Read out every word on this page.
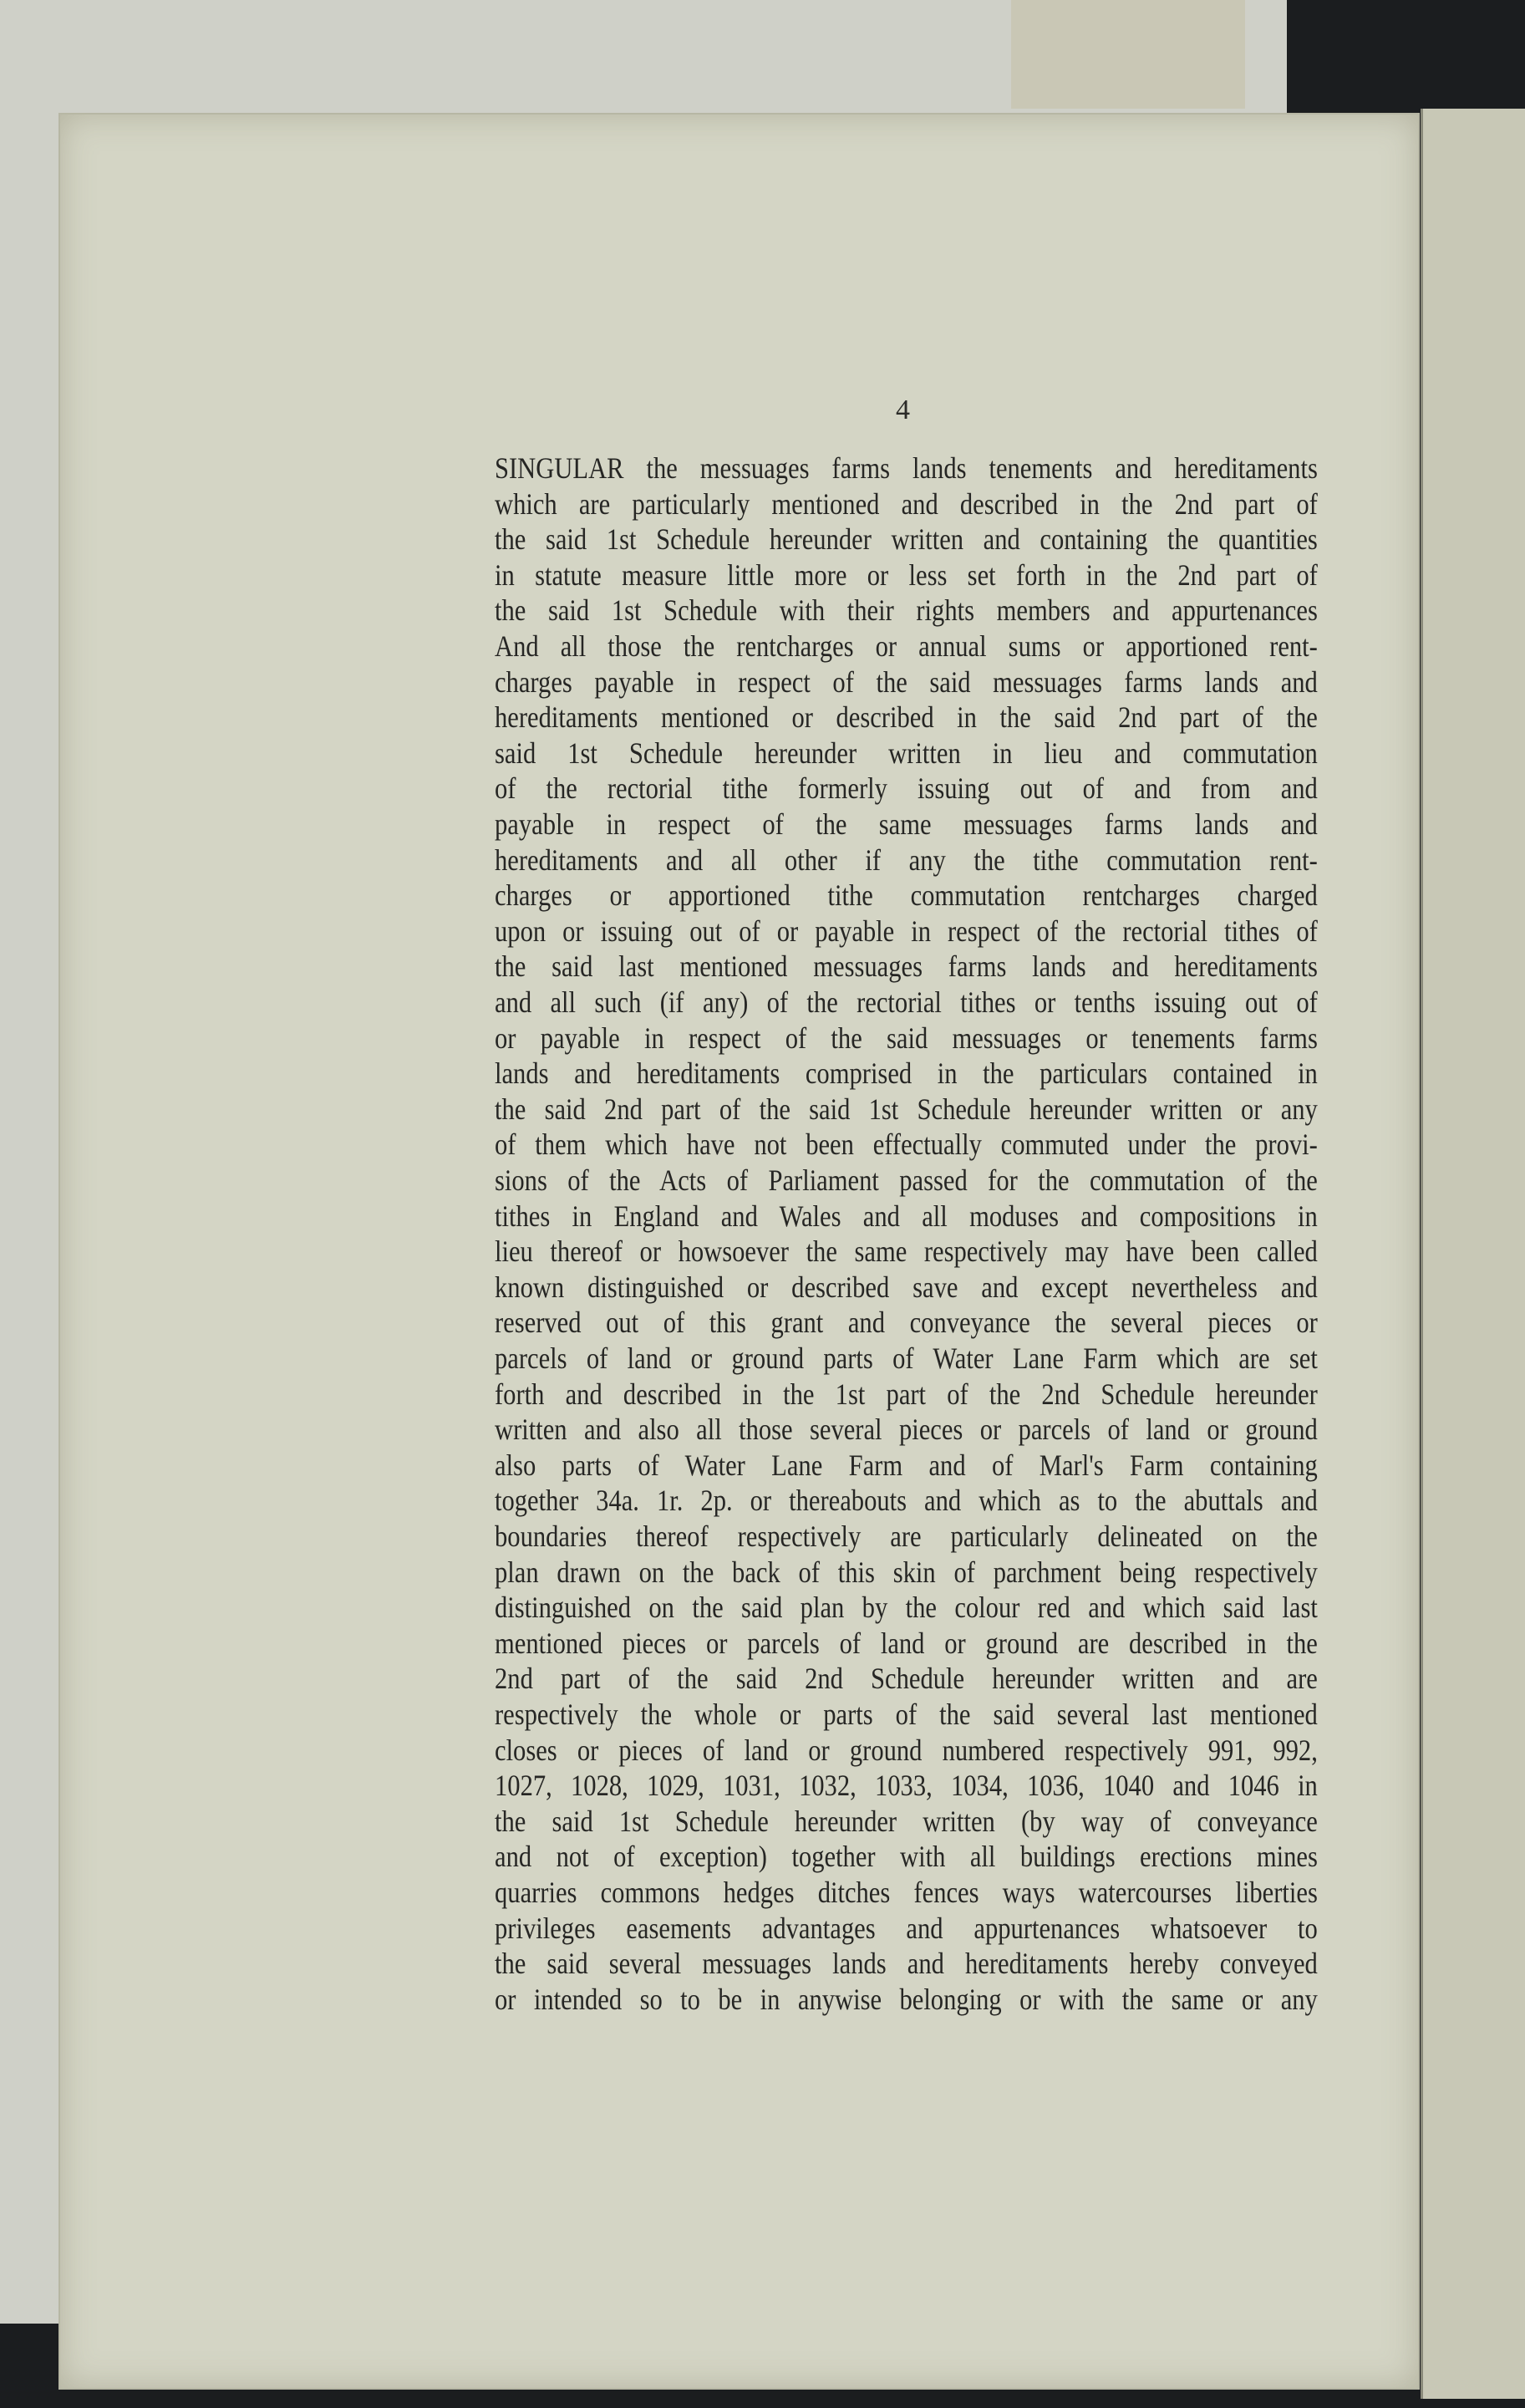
4
SINGULAR the messuages farms lands tenements and hereditaments
which are particularly mentioned and described in the 2nd part of
the said 1st Schedule hereunder written and containing the quantities
in statute measure little more or less set forth in the 2nd part of
the said 1st Schedule with their rights members and appurtenances
And all those the rentcharges or annual sums or apportioned rent-
charges payable in respect of the said messuages farms lands and
hereditaments mentioned or described in the said 2nd part of the
said 1st Schedule hereunder written in lieu and commutation
of the rectorial tithe formerly issuing out of and from and
payable in respect of the same messuages farms lands and
hereditaments and all other if any the tithe commutation rent-
charges or apportioned tithe commutation rentcharges charged
upon or issuing out of or payable in respect of the rectorial tithes of
the said last mentioned messuages farms lands and hereditaments
and all such (if any) of the rectorial tithes or tenths issuing out of
or payable in respect of the said messuages or tenements farms
lands and hereditaments comprised in the particulars contained in
the said 2nd part of the said 1st Schedule hereunder written or any
of them which have not been effectually commuted under the provi-
sions of the Acts of Parliament passed for the commutation of the
tithes in England and Wales and all moduses and compositions in
lieu thereof or howsoever the same respectively may have been called
known distinguished or described save and except nevertheless and
reserved out of this grant and conveyance the several pieces or
parcels of land or ground parts of Water Lane Farm which are set
forth and described in the 1st part of the 2nd Schedule hereunder
written and also all those several pieces or parcels of land or ground
also parts of Water Lane Farm and of Marl's Farm containing
together 34a. 1r. 2p. or thereabouts and which as to the abuttals and
boundaries thereof respectively are particularly delineated on the
plan drawn on the back of this skin of parchment being respectively
distinguished on the said plan by the colour red and which said last
mentioned pieces or parcels of land or ground are described in the
2nd part of the said 2nd Schedule hereunder written and are
respectively the whole or parts of the said several last mentioned
closes or pieces of land or ground numbered respectively 991, 992,
1027, 1028, 1029, 1031, 1032, 1033, 1034, 1036, 1040 and 1046 in
the said 1st Schedule hereunder written (by way of conveyance
and not of exception) together with all buildings erections mines
quarries commons hedges ditches fences ways watercourses liberties
privileges easements advantages and appurtenances whatsoever to
the said several messuages lands and hereditaments hereby conveyed
or intended so to be in anywise belonging or with the same or any
